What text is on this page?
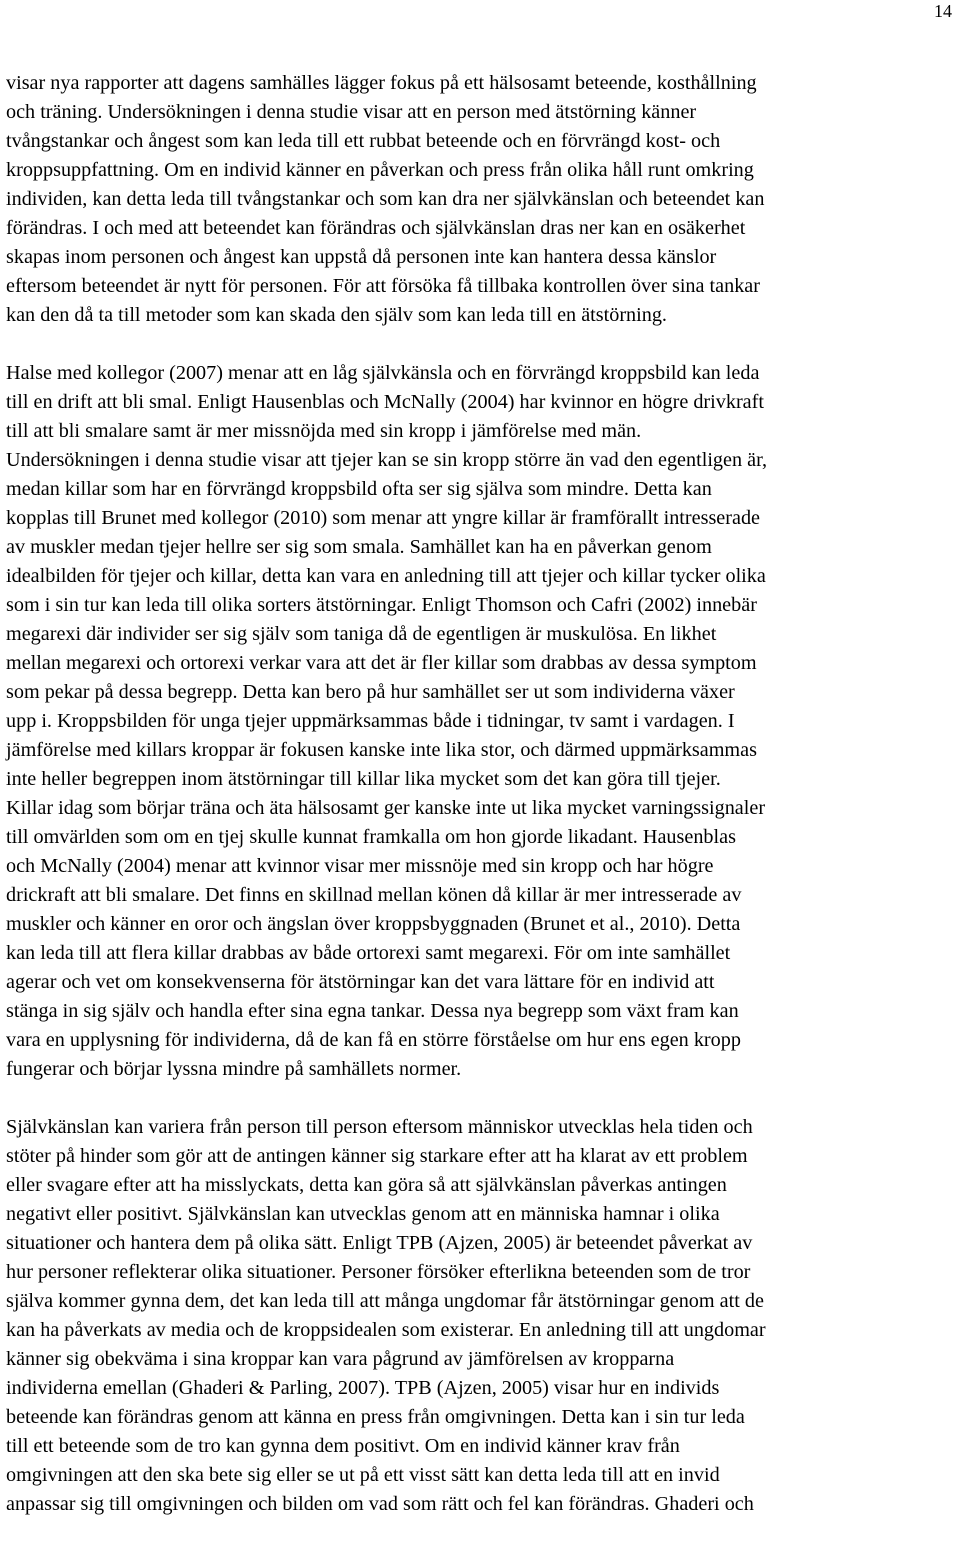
14

visar nya rapporter att dagens samhälles lägger fokus på ett hälsosamt beteende, kosthållning
och träning. Undersökningen i denna studie visar att en person med ätstörning känner
tvångstankar och ångest som kan leda till ett rubbat beteende och en förvrängd kost- och
kroppsuppfattning. Om en individ känner en påverkan och press från olika håll runt omkring
individen, kan detta leda till tvångstankar och som kan dra ner självkänslan och beteendet kan
förändras. I och med att beteendet kan förändras och självkänslan dras ner kan en osäkerhet
skapas inom personen och ångest kan uppstå då personen inte kan hantera dessa känslor
eftersom beteendet är nytt för personen. För att försöka få tillbaka kontrollen över sina tankar
kan den då ta till metoder som kan skada den själv som kan leda till en ätstörning.

Halse med kollegor (2007) menar att en låg självkänsla och en förvrängd kroppsbild kan leda
till en drift att bli smal. Enligt Hausenblas och McNally (2004) har kvinnor en högre drivkraft
till att bli smalare samt är mer missnöjda med sin kropp i jämförelse med män.
Undersökningen i denna studie visar att tjejer kan se sin kropp större än vad den egentligen är,
medan killar som har en förvrängd kroppsbild ofta ser sig själva som mindre. Detta kan
kopplas till Brunet med kollegor (2010) som menar att yngre killar är framförallt intresserade
av muskler medan tjejer hellre ser sig som smala. Samhället kan ha en påverkan genom
idealbilden för tjejer och killar, detta kan vara en anledning till att tjejer och killar tycker olika
som i sin tur kan leda till olika sorters ätstörningar. Enligt Thomson och Cafri (2002) innebär
megarexi där individer ser sig själv som taniga då de egentligen är muskulösa. En likhet
mellan megarexi och ortorexi verkar vara att det är fler killar som drabbas av dessa symptom
som pekar på dessa begrepp. Detta kan bero på hur samhället ser ut som individerna växer
upp i. Kroppsbilden för unga tjejer uppmärksammas både i tidningar, tv samt i vardagen. I
jämförelse med killars kroppar är fokusen kanske inte lika stor, och därmed uppmärksammas
inte heller begreppen inom ätstörningar till killar lika mycket som det kan göra till tjejer.
Killar idag som börjar träna och äta hälsosamt ger kanske inte ut lika mycket varningssignaler
till omvärlden som om en tjej skulle kunnat framkalla om hon gjorde likadant. Hausenblas
och McNally (2004) menar att kvinnor visar mer missnöje med sin kropp och har högre
drickraft att bli smalare. Det finns en skillnad mellan könen då killar är mer intresserade av
muskler och känner en oror och ängslan över kroppsbyggnaden (Brunet et al., 2010). Detta
kan leda till att flera killar drabbas av både ortorexi samt megarexi. För om inte samhället
agerar och vet om konsekvenserna för ätstörningar kan det vara lättare för en individ att
stänga in sig själv och handla efter sina egna tankar. Dessa nya begrepp som växt fram kan
vara en upplysning för individerna, då de kan få en större förståelse om hur ens egen kropp
fungerar och börjar lyssna mindre på samhällets normer.

Självkänslan kan variera från person till person eftersom människor utvecklas hela tiden och
stöter på hinder som gör att de antingen känner sig starkare efter att ha klarat av ett problem
eller svagare efter att ha misslyckats, detta kan göra så att självkänslan påverkas antingen
negativt eller positivt. Självkänslan kan utvecklas genom att en människa hamnar i olika
situationer och hantera dem på olika sätt. Enligt TPB (Ajzen, 2005) är beteendet påverkat av
hur personer reflekterar olika situationer. Personer försöker efterlikna beteenden som de tror
själva kommer gynna dem, det kan leda till att många ungdomar får ätstörningar genom att de
kan ha påverkats av media och de kroppsidealen som existerar. En anledning till att ungdomar
känner sig obekväma i sina kroppar kan vara pågrund av jämförelsen av kropparna
individerna emellan (Ghaderi & Parling, 2007). TPB (Ajzen, 2005) visar hur en individs
beteende kan förändras genom att känna en press från omgivningen. Detta kan i sin tur leda
till ett beteende som de tro kan gynna dem positivt. Om en individ känner krav från
omgivningen att den ska bete sig eller se ut på ett visst sätt kan detta leda till att en invid
anpassar sig till omgivningen och bilden om vad som rätt och fel kan förändras. Ghaderi och
